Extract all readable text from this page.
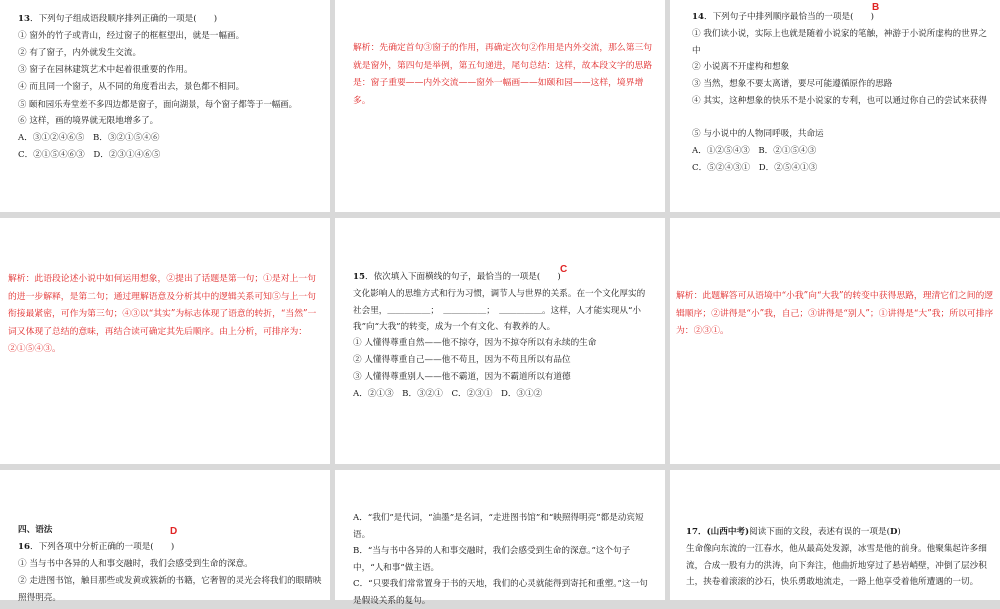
13．下列句子组成语段顺序排列正确的一项是(　　)
① 窗外的竹子或青山，经过窗子的框框望出，就是一幅画。
② 有了窗子，内外就发生交流。
③ 窗子在园林建筑艺术中起着很重要的作用。
④ 而且同一个窗子，从不同的角度看出去，景色都不相同。
⑤ 颐和园乐寿堂差不多四边都是窗子，面向湖景，每个窗子都等于一幅画。
⑥ 这样，画的境界就无限地增多了。
A．③①②④⑥⑤　B．③②①⑤④⑥
C．②①⑤④⑥③　D．②③①④⑥⑤
解析：先确定首句③窗子的作用，再确定次句②作用是内外交流，那么第三句就是窗外，第四句是举例，第五句递进，尾句总结：这样，故本段文字的思路是：窗子重要——内外交流——窗外一幅画——如颐和园——这样，境界增多。
B
14．下列句子中排列顺序最恰当的一项是(　　)
① 我们读小说，实际上也就是随着小说家的笔触，神游于小说所虚构的世界之中
② 小说离不开虚构和想象
③ 当然，想象不要太离谱，要尽可能遵循原作的思路
④ 其实，这种想象的快乐不是小说家的专利，也可以通过你自己的尝试来获得
⑤ 与小说中的人物同呼吸，共命运
A．①②⑤④③　B．②①⑤④③
C．⑤②④③①　D．②⑤④①③
解析：此语段论述小说中如何运用想象，②提出了话题是第一句；①是对上一句的进一步解释，是第二句；通过理解语意及分析其中的逻辑关系可知⑤与上一句衔接最紧密，可作为第三句；④③以“其实”为标志体现了语意的转折，“当然”一词又体现了总结的意味，再结合读可确定其先后顺序。由上分析，可排序为：②①⑤④③。
C
15．依次填入下面横线的句子，最恰当的一项是(　　)
文化影响人的思维方式和行为习惯，调节人与世界的关系。在一个文化厚实的社会里，＿＿＿＿＿；　＿＿＿＿＿；　＿＿＿＿＿。这样，人才能实现从“小我”向“大我”的转变，成为一个有文化、有教养的人。
① 人懂得尊重自然——他不掠夺，因为不掠夺所以有永续的生命
② 人懂得尊重自己——他不苟且，因为不苟且所以有品位
③ 人懂得尊重别人——他不霸道，因为不霸道所以有道德
A．②①③　B．③②①　C．②③①　D．③①②
解析：此题解答可从语境中“小我”向“大我”的转变中获得思路，理清它们之间的逻辑顺序；②讲得是“小”我，自己；③讲得是“别人”；①讲得是“大”我；所以可排序为：②③①。
四、语法	D
16．下列各项中分析正确的一项是(　　)
① 当与书中各异的人和事交融时，我们会感受到生命的深意。
② 走进图书馆，触目那些或发黄或簇新的书籍，它奢智的灵光会将我们的眼睛映照得明亮。
A．“我们”是代词，“油墨”是名词，“走进图书馆”和“映照得明亮”都是动宾短语。
B．“当与书中各异的人和事交融时，我们会感受到生命的深意。”这个句子中，“人和事”做主语。
C．“只要我们常常置身于书的天地，我们的心灵就能得到寄托和重塑。”这一句是假设关系的复句。
17．(山西中考)阅读下面的文段，表述有误的一项是(D)
生命像向东流的一江春水，他从最高处发源，冰雪是他的前身。他聚集起许多细流，合成一股有力的洪涛，向下奔注，他曲折地穿过了悬岩峭壁，冲倒了层沙积土，挟卷着滚滚的沙石，快乐勇敢地流走，一路上他享受着他所遭遇的一切。
